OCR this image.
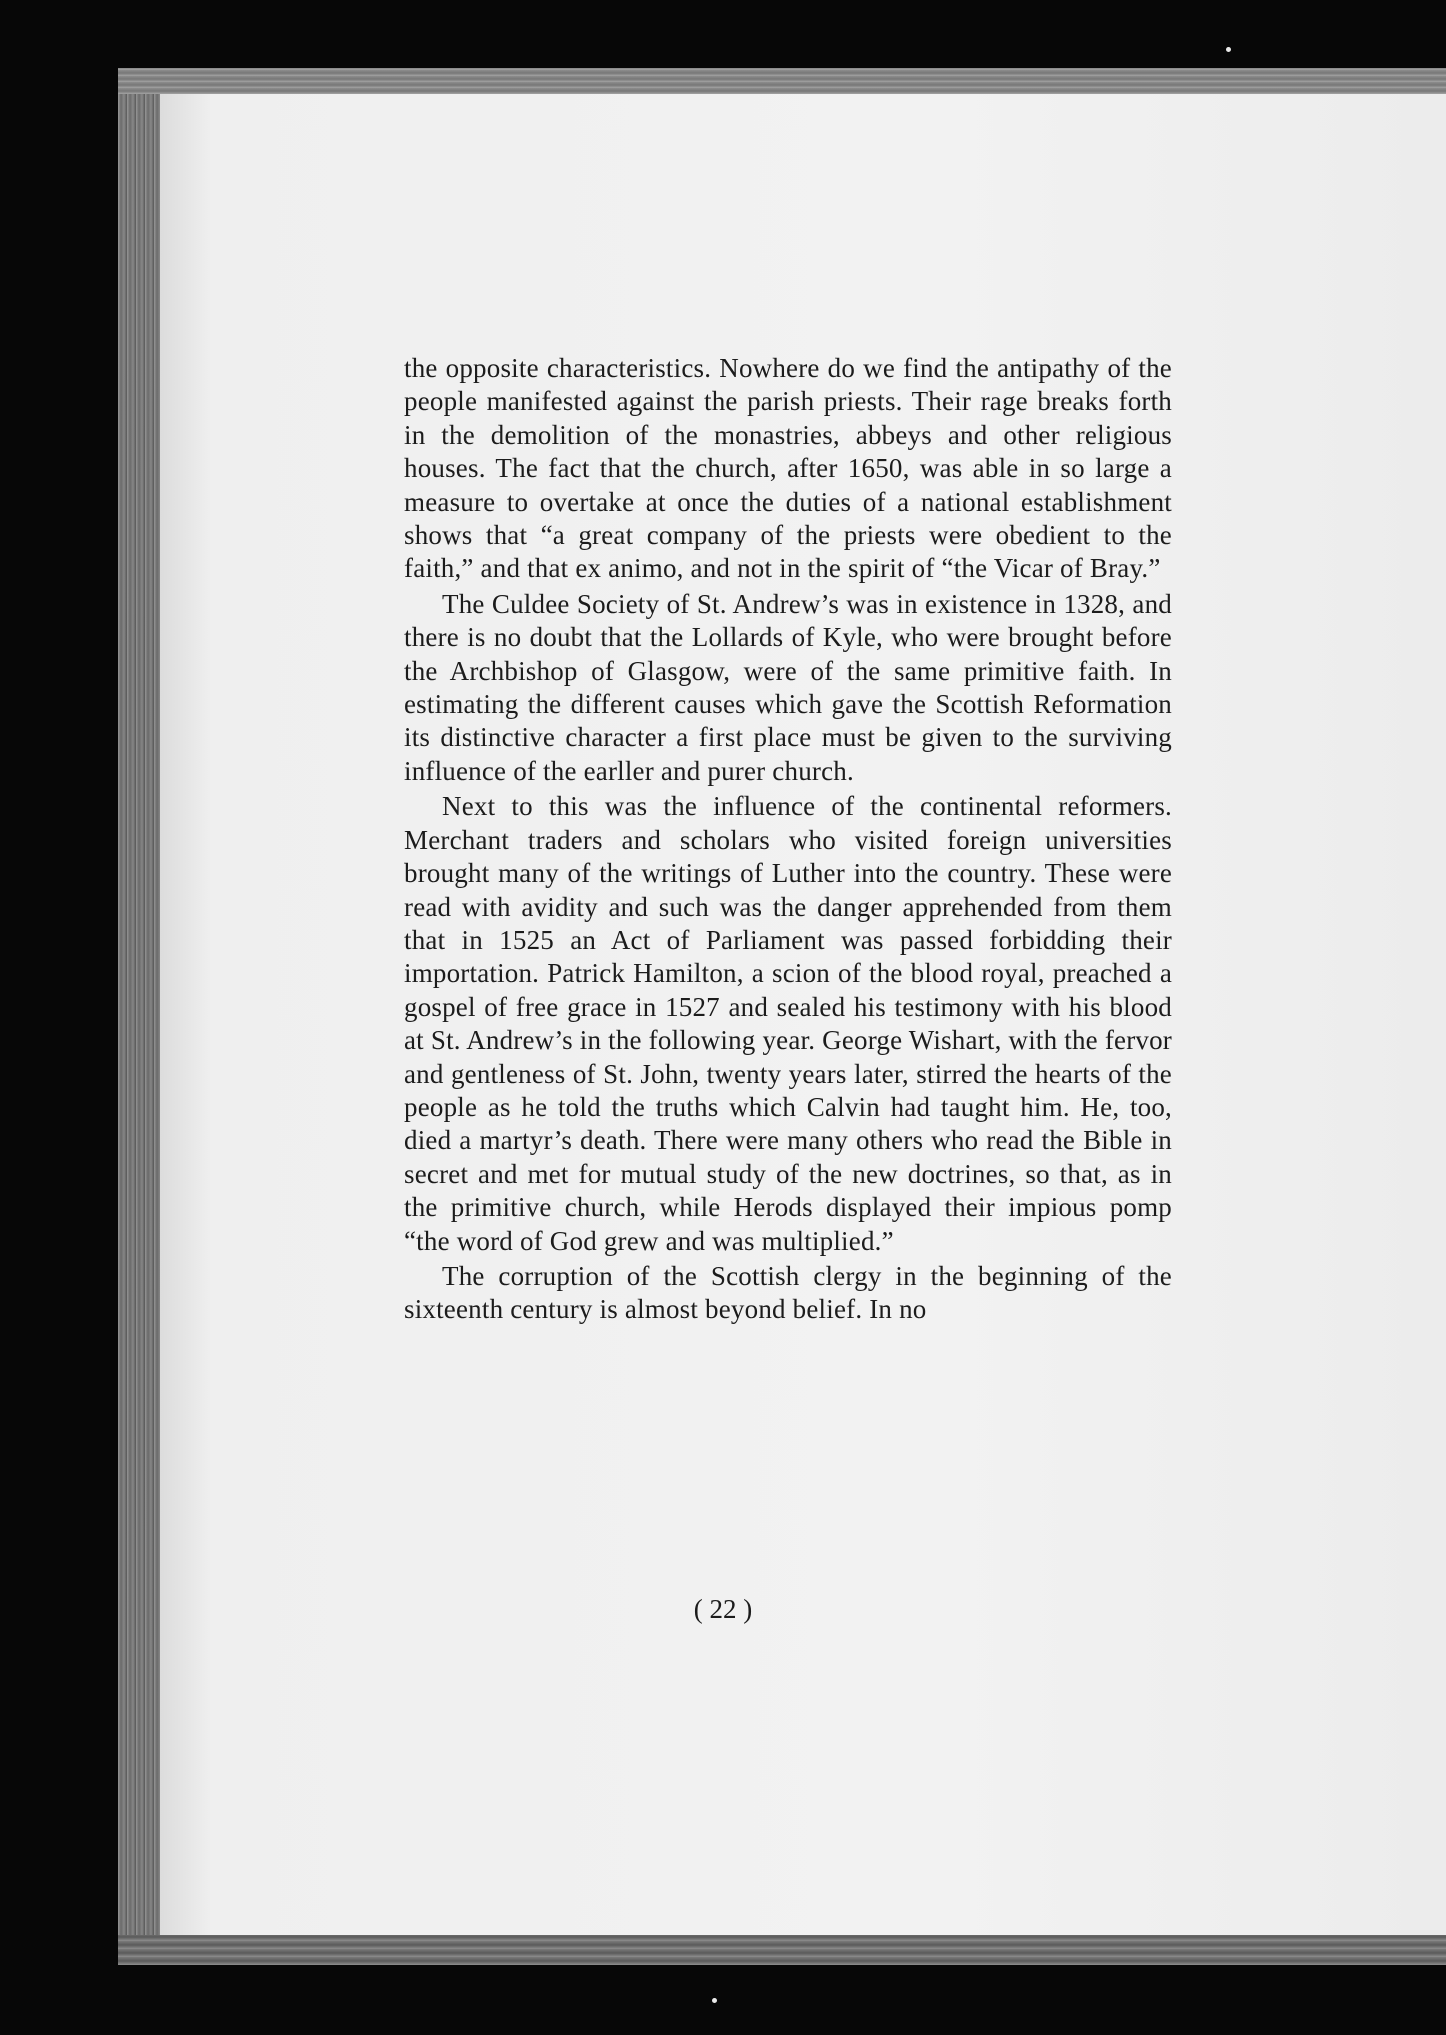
the opposite characteristics. Nowhere do we find the antipathy of the people manifested against the parish priests. Their rage breaks forth in the demolition of the monastries, abbeys and other religious houses. The fact that the church, after 1650, was able in so large a measure to overtake at once the duties of a national establishment shows that “a great company of the priests were obedient to the faith,” and that ex animo, and not in the spirit of “the Vicar of Bray.”

The Culdee Society of St. Andrew’s was in existence in 1328, and there is no doubt that the Lollards of Kyle, who were brought before the Archbishop of Glasgow, were of the same primitive faith. In estimating the different causes which gave the Scottish Reformation its distinctive character a first place must be given to the surviving influence of the earller and purer church.

Next to this was the influence of the continental reformers. Merchant traders and scholars who visited foreign universities brought many of the writings of Luther into the country. These were read with avidity and such was the danger apprehended from them that in 1525 an Act of Parliament was passed forbidding their importation. Patrick Hamilton, a scion of the blood royal, preached a gospel of free grace in 1527 and sealed his testimony with his blood at St. Andrew’s in the following year. George Wishart, with the fervor and gentleness of St. John, twenty years later, stirred the hearts of the people as he told the truths which Calvin had taught him. He, too, died a martyr’s death. There were many others who read the Bible in secret and met for mutual study of the new doctrines, so that, as in the primitive church, while Herods displayed their impious pomp “the word of God grew and was multiplied.”

The corruption of the Scottish clergy in the beginning of the sixteenth century is almost beyond belief. In no

( 22 )
